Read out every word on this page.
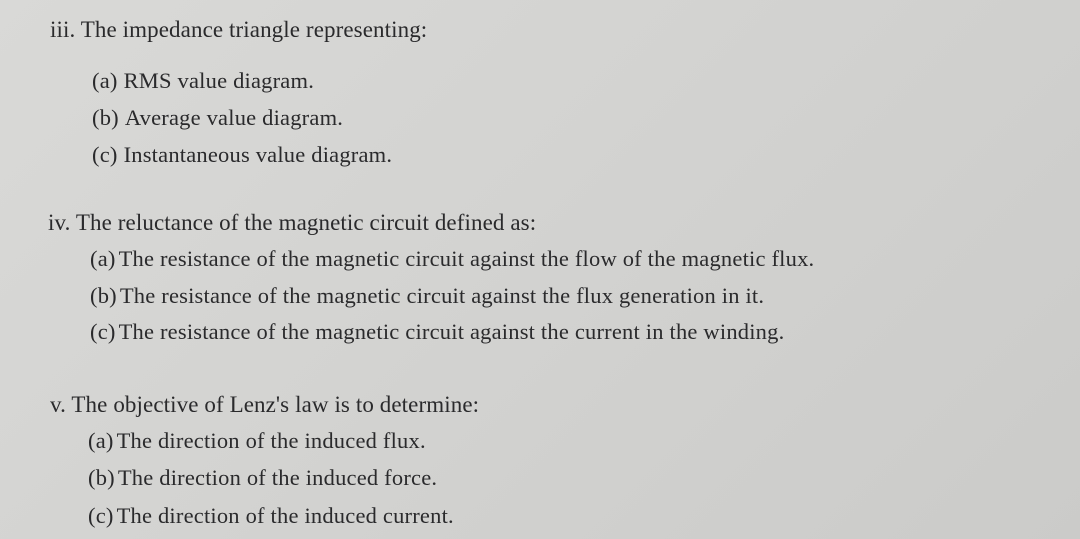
iii. The impedance triangle representing:
(a) RMS value diagram.
(b) Average value diagram.
(c) Instantaneous value diagram.
iv. The reluctance of the magnetic circuit defined as:
(a) The resistance of the magnetic circuit against the flow of the magnetic flux.
(b) The resistance of the magnetic circuit against the flux generation in it.
(c) The resistance of the magnetic circuit against the current in the winding.
v. The objective of Lenz's law is to determine:
(a) The direction of the induced flux.
(b) The direction of the induced force.
(c) The direction of the induced current.
